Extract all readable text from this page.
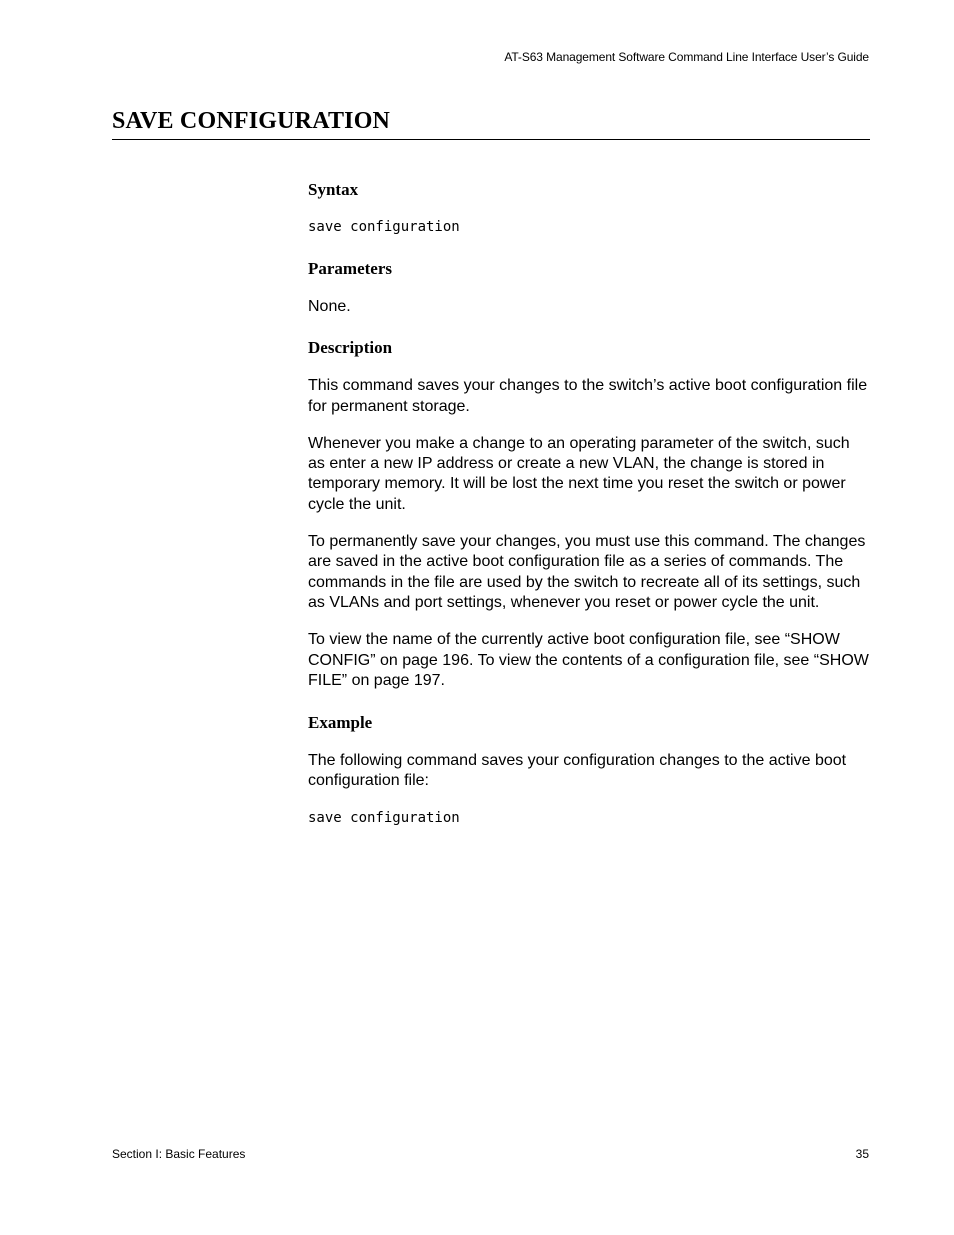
AT-S63 Management Software Command Line Interface User’s Guide
SAVE CONFIGURATION
Syntax

save configuration

Parameters

None.

Description

This command saves your changes to the switch’s active boot configuration file for permanent storage.

Whenever you make a change to an operating parameter of the switch, such as enter a new IP address or create a new VLAN, the change is stored in temporary memory. It will be lost the next time you reset the switch or power cycle the unit.

To permanently save your changes, you must use this command. The changes are saved in the active boot configuration file as a series of commands. The commands in the file are used by the switch to recreate all of its settings, such as VLANs and port settings, whenever you reset or power cycle the unit.

To view the name of the currently active boot configuration file, see “SHOW CONFIG” on page 196. To view the contents of a configuration file, see “SHOW FILE” on page 197.

Example

The following command saves your configuration changes to the active boot configuration file:

save configuration

Section I: Basic Features	35
